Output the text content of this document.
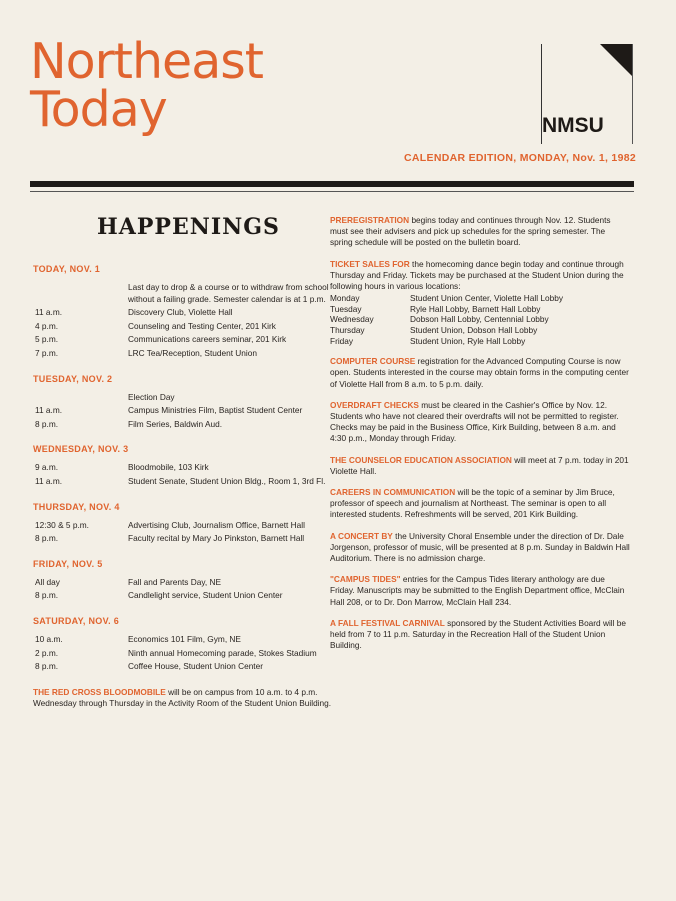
Northeast
Today	NMSU
CALENDAR EDITION, MONDAY, Nov. 1, 1982
HAPPENINGS
TODAY, NOV. 1
Last day to drop & a course or to withdraw from school without a failing grade. Semester calendar is at 1 p.m.
11 a.m.	Discovery Club, Violette Hall
4 p.m.	Counseling and Testing Center, 201 Kirk
5 p.m.	Communications careers seminar, 201 Kirk
7 p.m.	LRC Tea/Reception, Student Union
TUESDAY, NOV. 2
Election Day
11 a.m.	Campus Ministries Film, Baptist Student Center
8 p.m.	Film Series, Baldwin Aud.
WEDNESDAY, NOV. 3
9 a.m.	Bloodmobile, 103 Kirk
11 a.m.	Student Senate, Student Union Bldg., Room 1, 3rd Fl.
THURSDAY, NOV. 4
12:30 & 5 p.m.	Advertising Club, Journalism Office, Barnett Hall
8 p.m.	Faculty recital by Mary Jo Pinkston, Barnett Hall
FRIDAY, NOV. 5
All day	Fall and Parents Day, NE
8 p.m.	Candlelight service, Student Union Center
SATURDAY, NOV. 6
10 a.m.	Economics 101 Film, Gym, NE
2 p.m.	Ninth annual Homecoming parade, Stokes Stadium
8 p.m.	Coffee House, Student Union Center
THE RED CROSS BLOODMOBILE will be on campus from 10 a.m. to 4 p.m. Wednesday through Thursday in the Activity Room of the Student Union Building.
PREREGISTRATION begins today and continues through Nov. 12. Students must see their advisers and pick up schedules for the spring semester. The spring schedule will be posted on the bulletin board.
TICKET SALES FOR the homecoming dance begin today and continue through Thursday and Friday. Tickets may be purchased at the Student Union during the following hours in various locations:
Monday	Student Union Center, Violette Hall Lobby
Tuesday	Ryle Hall Lobby, Barnett Hall Lobby
Wednesday	Dobson Hall Lobby, Centennial Lobby
Thursday	Student Union, Dobson Hall Lobby
Friday	Student Union, Ryle Hall Lobby
COMPUTER COURSE registration for the Advanced Computing Course is now open. Students interested in the course may obtain forms in the computing center of Violette Hall from 8 a.m. to 5 p.m. daily.
OVERDRAFT CHECKS must be cleared in the Cashier's Office by Nov. 12. Students who have not cleared their overdrafts will not be permitted to register. Checks may be paid in the Business Office, Kirk Building, between 8 a.m. and 4:30 p.m., Monday through Friday.
THE COUNSELOR EDUCATION ASSOCIATION will meet at 7 p.m. today in 201 Violette Hall.
CAREERS IN COMMUNICATION will be the topic of a seminar by Jim Bruce, professor of speech and journalism at Northeast. The seminar is open to all interested students. Refreshments will be served, 201 Kirk Building.
A CONCERT BY the University Choral Ensemble under the direction of Dr. Dale Jorgenson, professor of music, will be presented at 8 p.m. Sunday in Baldwin Hall Auditorium. There is no admission charge.
"CAMPUS TIDES" entries for the Campus Tides literary anthology are due Friday. Manuscripts may be submitted to the English Department office, McClain Hall 208, or to Dr. Don Marrow, McClain Hall 234.
A FALL FESTIVAL CARNIVAL sponsored by the Student Activities Board will be held from 7 to 11 p.m. Saturday in the Recreation Hall of the Student Union Building.
